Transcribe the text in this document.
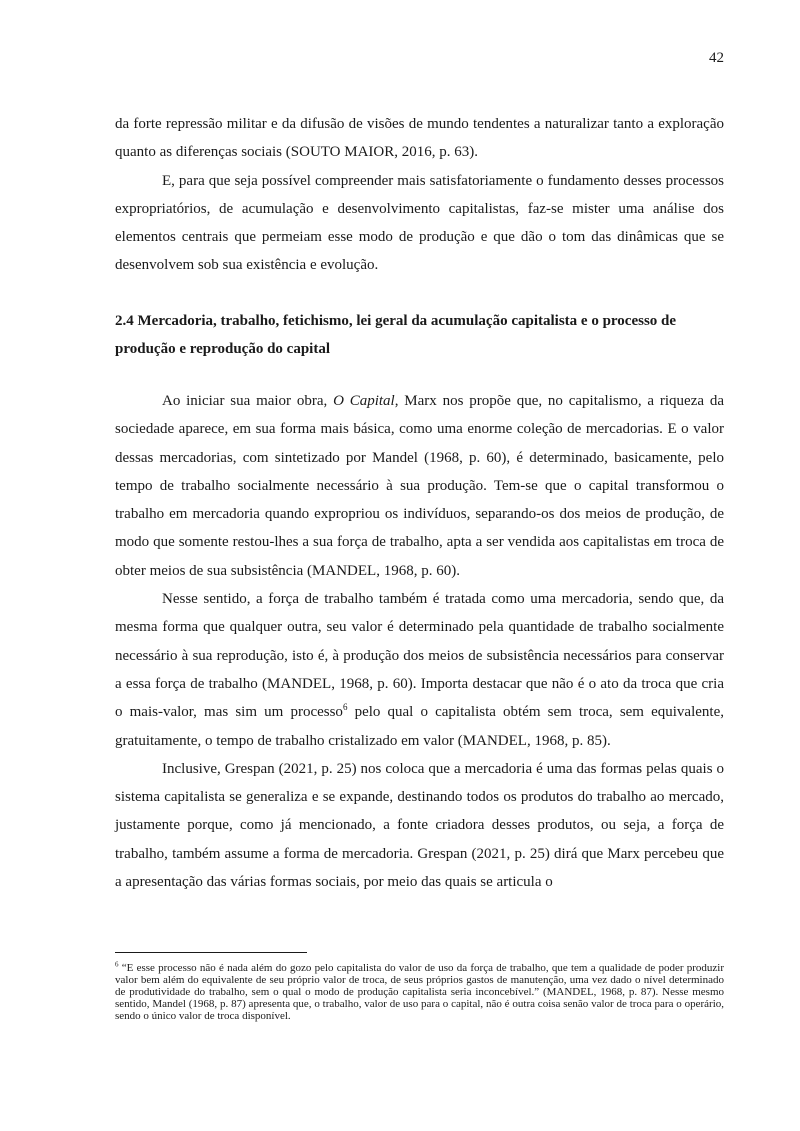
42

da forte repressão militar e da difusão de visões de mundo tendentes a naturalizar tanto a exploração quanto as diferenças sociais (SOUTO MAIOR, 2016, p. 63).

E, para que seja possível compreender mais satisfatoriamente o fundamento desses processos expropriatórios, de acumulação e desenvolvimento capitalistas, faz-se mister uma análise dos elementos centrais que permeiam esse modo de produção e que dão o tom das dinâmicas que se desenvolvem sob sua existência e evolução.

2.4 Mercadoria, trabalho, fetichismo, lei geral da acumulação capitalista e o processo de produção e reprodução do capital

Ao iniciar sua maior obra, O Capital, Marx nos propõe que, no capitalismo, a riqueza da sociedade aparece, em sua forma mais básica, como uma enorme coleção de mercadorias. E o valor dessas mercadorias, com sintetizado por Mandel (1968, p. 60), é determinado, basicamente, pelo tempo de trabalho socialmente necessário à sua produção. Tem-se que o capital transformou o trabalho em mercadoria quando expropriou os indivíduos, separando-os dos meios de produção, de modo que somente restou-lhes a sua força de trabalho, apta a ser vendida aos capitalistas em troca de obter meios de sua subsistência (MANDEL, 1968, p. 60).

Nesse sentido, a força de trabalho também é tratada como uma mercadoria, sendo que, da mesma forma que qualquer outra, seu valor é determinado pela quantidade de trabalho socialmente necessário à sua reprodução, isto é, à produção dos meios de subsistência necessários para conservar a essa força de trabalho (MANDEL, 1968, p. 60). Importa destacar que não é o ato da troca que cria o mais-valor, mas sim um processo$^6$ pelo qual o capitalista obtém sem troca, sem equivalente, gratuitamente, o tempo de trabalho cristalizado em valor (MANDEL, 1968, p. 85).

Inclusive, Grespan (2021, p. 25) nos coloca que a mercadoria é uma das formas pelas quais o sistema capitalista se generaliza e se expande, destinando todos os produtos do trabalho ao mercado, justamente porque, como já mencionado, a fonte criadora desses produtos, ou seja, a força de trabalho, também assume a forma de mercadoria. Grespan (2021, p. 25) dirá que Marx percebeu que a apresentação das várias formas sociais, por meio das quais se articula o

$^6$ “E esse processo não é nada além do gozo pelo capitalista do valor de uso da força de trabalho, que tem a qualidade de poder produzir valor bem além do equivalente de seu próprio valor de troca, de seus próprios gastos de manutenção, uma vez dado o nível determinado de produtividade do trabalho, sem o qual o modo de produção capitalista seria inconcebível.” (MANDEL, 1968, p. 87). Nesse mesmo sentido, Mandel (1968, p. 87) apresenta que, o trabalho, valor de uso para o capital, não é outra coisa senão valor de troca para o operário, sendo o único valor de troca disponível.
